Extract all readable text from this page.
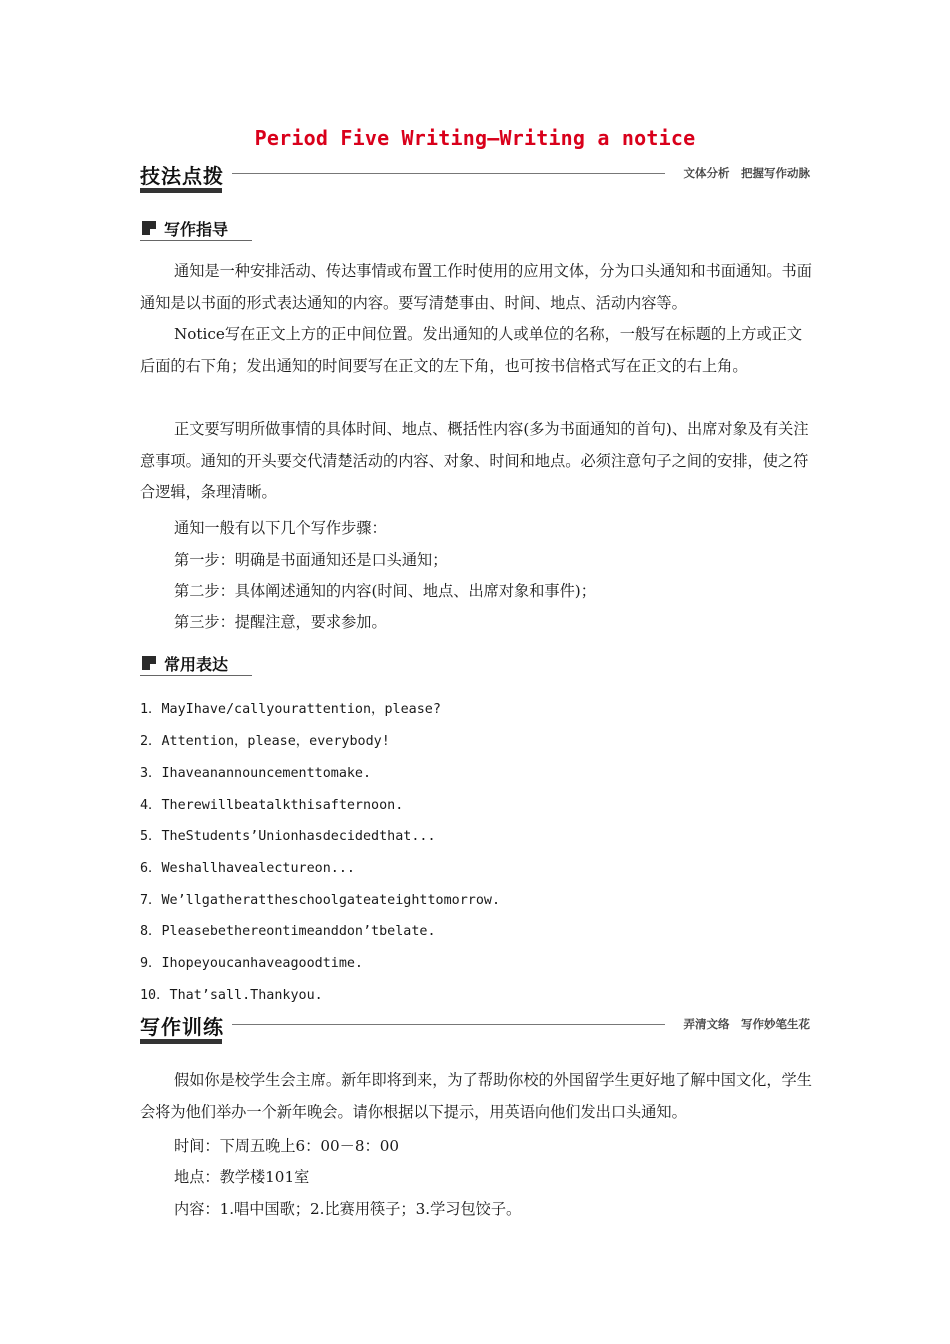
Period Five Writing—Writing a notice
技法点拨	文体分析　把握写作动脉
写作指导

通知是一种安排活动、传达事情或布置工作时使用的应用文体，分为口头通知和书面通知。书面通知是以书面的形式表达通知的内容。要写清楚事由、时间、地点、活动内容等。

Notice写在正文上方的正中间位置。发出通知的人或单位的名称，一般写在标题的上方或正文后面的右下角；发出通知的时间要写在正文的左下角，也可按书信格式写在正文的右上角。

正文要写明所做事情的具体时间、地点、概括性内容(多为书面通知的首句)、出席对象及有关注意事项。通知的开头要交代清楚活动的内容、对象、时间和地点。必须注意句子之间的安排，使之符合逻辑，条理清晰。

通知一般有以下几个写作步骤：
第一步：明确是书面通知还是口头通知；
第二步：具体阐述通知的内容(时间、地点、出席对象和事件)；
第三步：提醒注意，要求参加。
常用表达
1．MayIhave/callyourattention，please?
2．Attention，please，everybody!
3．Ihaveanannouncementtomake.
4．Therewillbeatalkthisafternoon.
5．TheStudents’Unionhasdecidedthat...
6．Weshallhavealectureon...
7．We’llgatherattheschoolgateateighttomorrow.
8．Pleasebethereontimeanddon’tbelate.
9．Ihopeyoucanhaveagoodtime.
10．That’sall.Thankyou.
写作训练	弄清文络　写作妙笔生花

假如你是校学生会主席。新年即将到来，为了帮助你校的外国留学生更好地了解中国文化，学生会将为他们举办一个新年晚会。请你根据以下提示，用英语向他们发出口头通知。

时间：下周五晚上6：00－8：00
地点：教学楼101室
内容：1.唱中国歌；2.比赛用筷子；3.学习包饺子。
